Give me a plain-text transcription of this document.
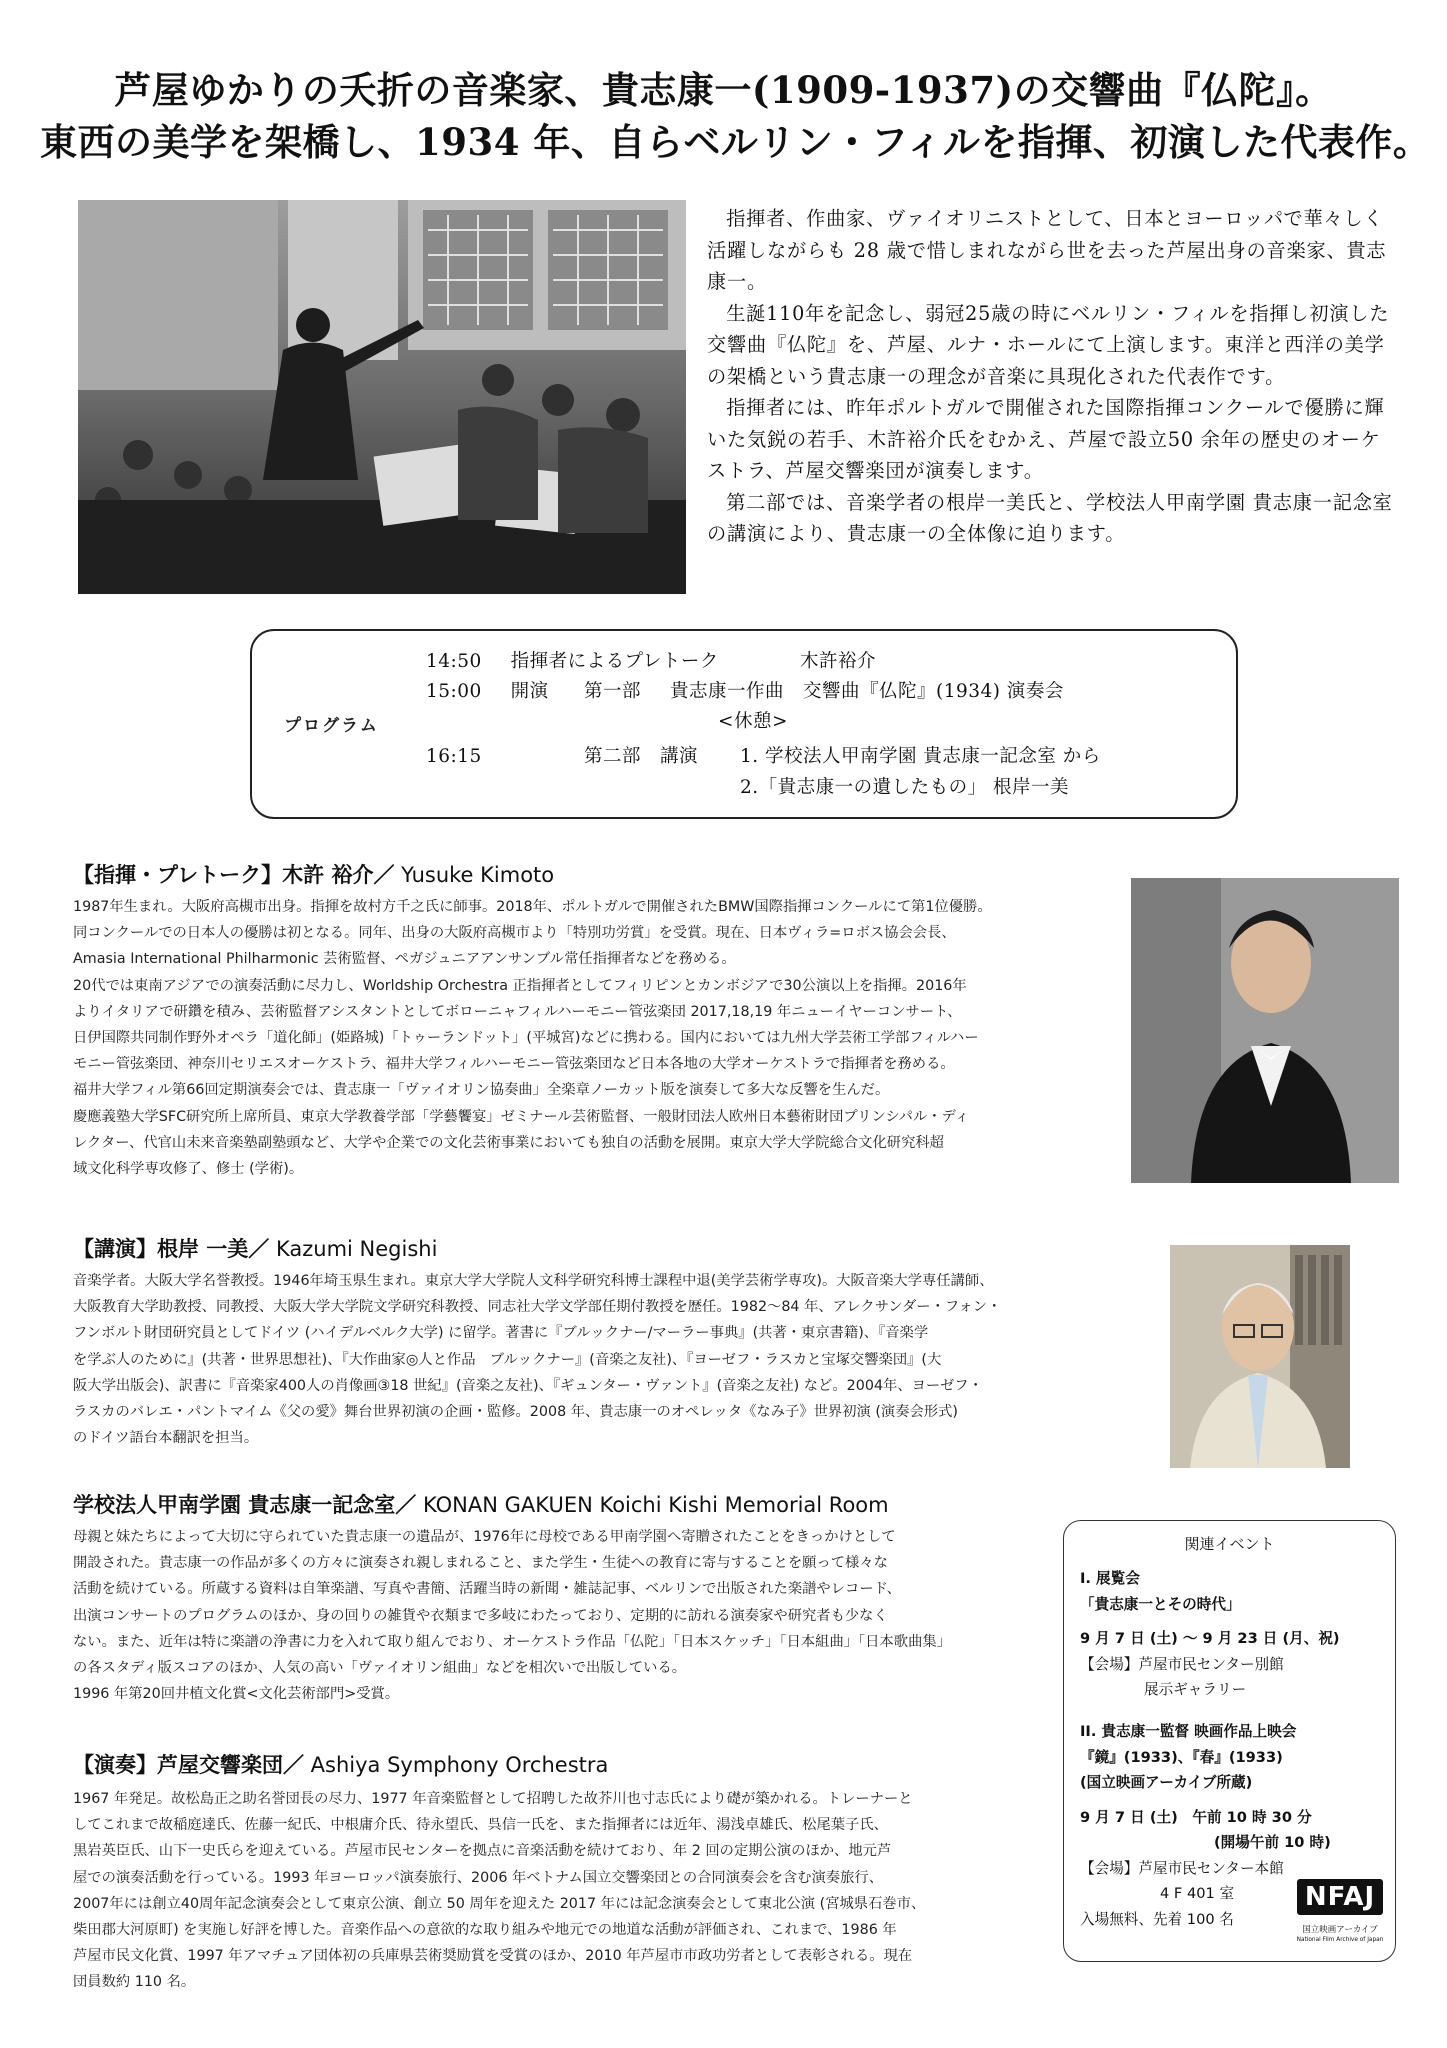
芦屋ゆかりの夭折の音楽家、貴志康一(1909-1937)の交響曲『仏陀』。
東西の美学を架橋し、1934 年、自らベルリン・フィルを指揮、初演した代表作。

指揮者、作曲家、ヴァイオリニストとして、日本とヨーロッパで華々しく活躍しながらも 28 歳で惜しまれながら世を去った芦屋出身の音楽家、貴志康一。

生誕110年を記念し、弱冠25歳の時にベルリン・フィルを指揮し初演した交響曲『仏陀』を、芦屋、ルナ・ホールにて上演します。東洋と西洋の美学の架橋という貴志康一の理念が音楽に具現化された代表作です。

指揮者には、昨年ポルトガルで開催された国際指揮コンクールで優勝に輝いた気鋭の若手、木許裕介氏をむかえ、芦屋で設立50 余年の歴史のオーケストラ、芦屋交響楽団が演奏します。

第二部では、音楽学者の根岸一美氏と、学校法人甲南学園 貴志康一記念室の講演により、貴志康一の全体像に迫ります。

プログラム
14:50 指揮者によるプレトーク	木許裕介
15:00 開演 第一部 貴志康一作曲　交響曲『仏陀』(1934) 演奏会
<休憩>
16:15	第二部　講演 1. 学校法人甲南学園 貴志康一記念室 から
2.「貴志康一の遺したもの」 根岸一美
【指揮・プレトーク】木許 裕介／ Yusuke Kimoto
1987年生まれ。大阪府高槻市出身。指揮を故村方千之氏に師事。2018年、ポルトガルで開催されたBMW国際指揮コンクールにて第1位優勝。
同コンクールでの日本人の優勝は初となる。同年、出身の大阪府高槻市より「特別功労賞」を受賞。現在、日本ヴィラ=ロボス協会会長、
Amasia International Philharmonic 芸術監督、ペガジュニアアンサンブル常任指揮者などを務める。
20代では東南アジアでの演奏活動に尽力し、Worldship Orchestra 正指揮者としてフィリピンとカンボジアで30公演以上を指揮。2016年
よりイタリアで研鑽を積み、芸術監督アシスタントとしてボローニャフィルハーモニー管弦楽団 2017,18,19 年ニューイヤーコンサート、
日伊国際共同制作野外オペラ「道化師」(姫路城)「トゥーランドット」(平城宮)などに携わる。国内においては九州大学芸術工学部フィルハー
モニー管弦楽団、神奈川セリエスオーケストラ、福井大学フィルハーモニー管弦楽団など日本各地の大学オーケストラで指揮者を務める。
福井大学フィル第66回定期演奏会では、貴志康一「ヴァイオリン協奏曲」全楽章ノーカット版を演奏して多大な反響を生んだ。
慶應義塾大学SFC研究所上席所員、東京大学教養学部「学藝饗宴」ゼミナール芸術監督、一般財団法人欧州日本藝術財団プリンシパル・ディ
レクター、代官山未来音楽塾副塾頭など、大学や企業での文化芸術事業においても独自の活動を展開。東京大学大学院総合文化研究科超
域文化科学専攻修了、修士 (学術)。
【講演】根岸 一美／ Kazumi Negishi
音楽学者。大阪大学名誉教授。1946年埼玉県生まれ。東京大学大学院人文科学研究科博士課程中退(美学芸術学専攻)。大阪音楽大学専任講師、
大阪教育大学助教授、同教授、大阪大学大学院文学研究科教授、同志社大学文学部任期付教授を歴任。1982〜84 年、アレクサンダー・フォン・
フンボルト財団研究員としてドイツ (ハイデルベルク大学) に留学。著書に『ブルックナー/マーラー事典』(共著・東京書籍)、『音楽学
を学ぶ人のために』(共著・世界思想社)、『大作曲家◎人と作品　ブルックナー』(音楽之友社)、『ヨーゼフ・ラスカと宝塚交響楽団』(大
阪大学出版会)、訳書に『音楽家400人の肖像画③18 世紀』(音楽之友社)、『ギュンター・ヴァント』(音楽之友社) など。2004年、ヨーゼフ・
ラスカのバレエ・パントマイム《父の愛》舞台世界初演の企画・監修。2008 年、貴志康一のオペレッタ《なみ子》世界初演 (演奏会形式)
のドイツ語台本翻訳を担当。
学校法人甲南学園 貴志康一記念室／ KONAN GAKUEN Koichi Kishi Memorial Room
母親と妹たちによって大切に守られていた貴志康一の遺品が、1976年に母校である甲南学園へ寄贈されたことをきっかけとして
開設された。貴志康一の作品が多くの方々に演奏され親しまれること、また学生・生徒への教育に寄与することを願って様々な
活動を続けている。所蔵する資料は自筆楽譜、写真や書簡、活躍当時の新聞・雑誌記事、ベルリンで出版された楽譜やレコード、
出演コンサートのプログラムのほか、身の回りの雑貨や衣類まで多岐にわたっており、定期的に訪れる演奏家や研究者も少なく
ない。また、近年は特に楽譜の浄書に力を入れて取り組んでおり、オーケストラ作品「仏陀」「日本スケッチ」「日本組曲」「日本歌曲集」
の各スタディ版スコアのほか、人気の高い「ヴァイオリン組曲」などを相次いで出版している。
1996 年第20回井植文化賞<文化芸術部門>受賞。
【演奏】芦屋交響楽団／ Ashiya Symphony Orchestra
1967 年発足。故松島正之助名誉団長の尽力、1977 年音楽監督として招聘した故芥川也寸志氏により礎が築かれる。トレーナーと
してこれまで故稲庭達氏、佐藤一紀氏、中根庸介氏、待永望氏、呉信一氏を、また指揮者には近年、湯浅卓雄氏、松尾葉子氏、
黒岩英臣氏、山下一史氏らを迎えている。芦屋市民センターを拠点に音楽活動を続けており、年 2 回の定期公演のほか、地元芦
屋での演奏活動を行っている。1993 年ヨーロッパ演奏旅行、2006 年ベトナム国立交響楽団との合同演奏会を含む演奏旅行、
2007年には創立40周年記念演奏会として東京公演、創立 50 周年を迎えた 2017 年には記念演奏会として東北公演 (宮城県石巻市、
柴田郡大河原町) を実施し好評を博した。音楽作品への意欲的な取り組みや地元での地道な活動が評価され、これまで、1986 年
芦屋市民文化賞、1997 年アマチュア団体初の兵庫県芸術奨励賞を受賞のほか、2010 年芦屋市市政功労者として表彰される。現在
団員数約 110 名。
関連イベント
I. 展覧会
「貴志康一とその時代」
9 月 7 日 (土) 〜 9 月 23 日 (月、祝)
【会場】芦屋市民センター別館
展示ギャラリー
II. 貴志康一監督 映画作品上映会
『鏡』(1933)、『春』(1933)
(国立映画アーカイブ所蔵)
9 月 7 日 (土)　午前 10 時 30 分
(開場午前 10 時)
【会場】芦屋市民センター本館
4 F 401 室
入場無料、先着 100 名
NFAJ
国立映画アーカイブ
National Film Archive of Japan
